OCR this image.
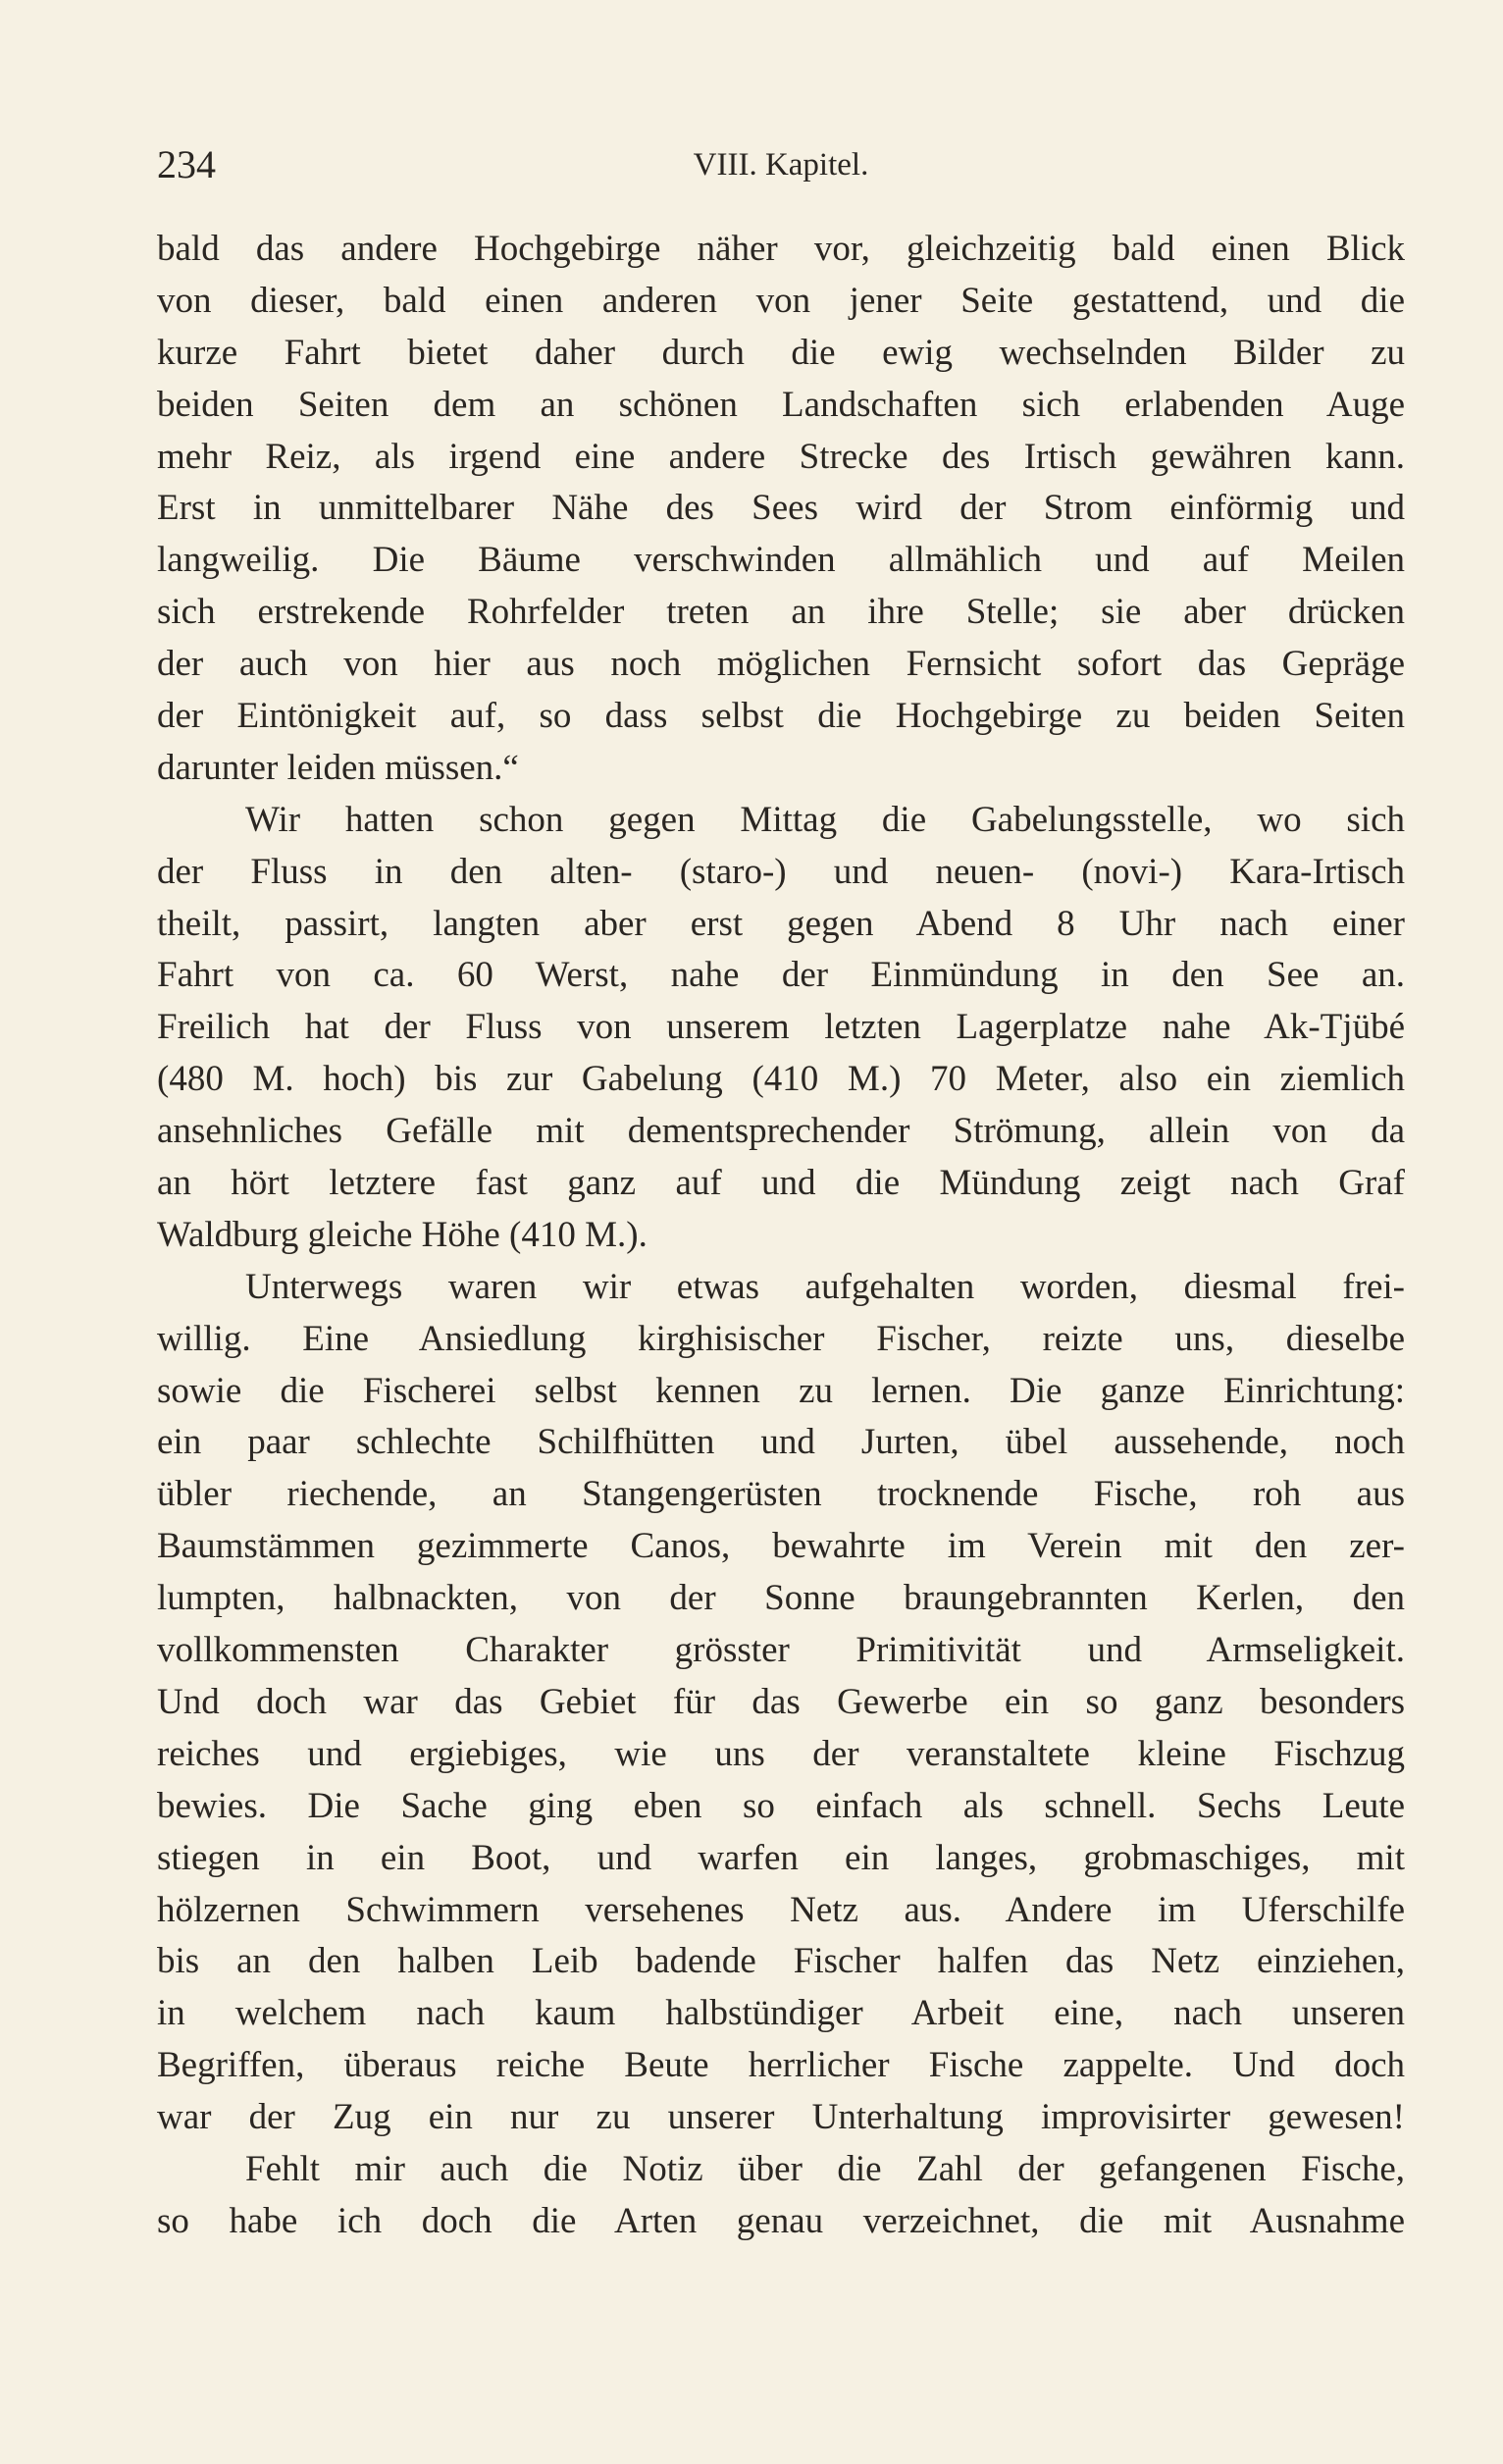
234	VIII. Kapitel.
bald das andere Hochgebirge näher vor, gleichzeitig bald einen Blick
von dieser, bald einen anderen von jener Seite gestattend, und die
kurze Fahrt bietet daher durch die ewig wechselnden Bilder zu
beiden Seiten dem an schönen Landschaften sich erlabenden Auge
mehr Reiz, als irgend eine andere Strecke des Irtisch gewähren kann.
Erst in unmittelbarer Nähe des Sees wird der Strom einförmig und
langweilig. Die Bäume verschwinden allmählich und auf Meilen
sich erstrekende Rohrfelder treten an ihre Stelle; sie aber drücken
der auch von hier aus noch möglichen Fernsicht sofort das Gepräge
der Eintönigkeit auf, so dass selbst die Hochgebirge zu beiden Seiten
darunter leiden müssen.“
Wir hatten schon gegen Mittag die Gabelungsstelle, wo sich
der Fluss in den alten- (staro-) und neuen- (novi-) Kara-Irtisch
theilt, passirt, langten aber erst gegen Abend 8 Uhr nach einer
Fahrt von ca. 60 Werst, nahe der Einmündung in den See an.
Freilich hat der Fluss von unserem letzten Lagerplatze nahe Ak-Tjübé
(480 M. hoch) bis zur Gabelung (410 M.) 70 Meter, also ein ziemlich
ansehnliches Gefälle mit dementsprechender Strömung, allein von da
an hört letztere fast ganz auf und die Mündung zeigt nach Graf
Waldburg gleiche Höhe (410 M.).
Unterwegs waren wir etwas aufgehalten worden, diesmal frei-
willig. Eine Ansiedlung kirghisischer Fischer, reizte uns, dieselbe
sowie die Fischerei selbst kennen zu lernen. Die ganze Einrichtung:
ein paar schlechte Schilfhütten und Jurten, übel aussehende, noch
übler riechende, an Stangengerüsten trocknende Fische, roh aus
Baumstämmen gezimmerte Canos, bewahrte im Verein mit den zer-
lumpten, halbnackten, von der Sonne braungebrannten Kerlen, den
vollkommensten Charakter grösster Primitivität und Armseligkeit.
Und doch war das Gebiet für das Gewerbe ein so ganz besonders
reiches und ergiebiges, wie uns der veranstaltete kleine Fischzug
bewies. Die Sache ging eben so einfach als schnell. Sechs Leute
stiegen in ein Boot, und warfen ein langes, grobmaschiges, mit
hölzernen Schwimmern versehenes Netz aus. Andere im Uferschilfe
bis an den halben Leib badende Fischer halfen das Netz einziehen,
in welchem nach kaum halbstündiger Arbeit eine, nach unseren
Begriffen, überaus reiche Beute herrlicher Fische zappelte. Und doch
war der Zug ein nur zu unserer Unterhaltung improvisirter gewesen!
Fehlt mir auch die Notiz über die Zahl der gefangenen Fische,
so habe ich doch die Arten genau verzeichnet, die mit Ausnahme
